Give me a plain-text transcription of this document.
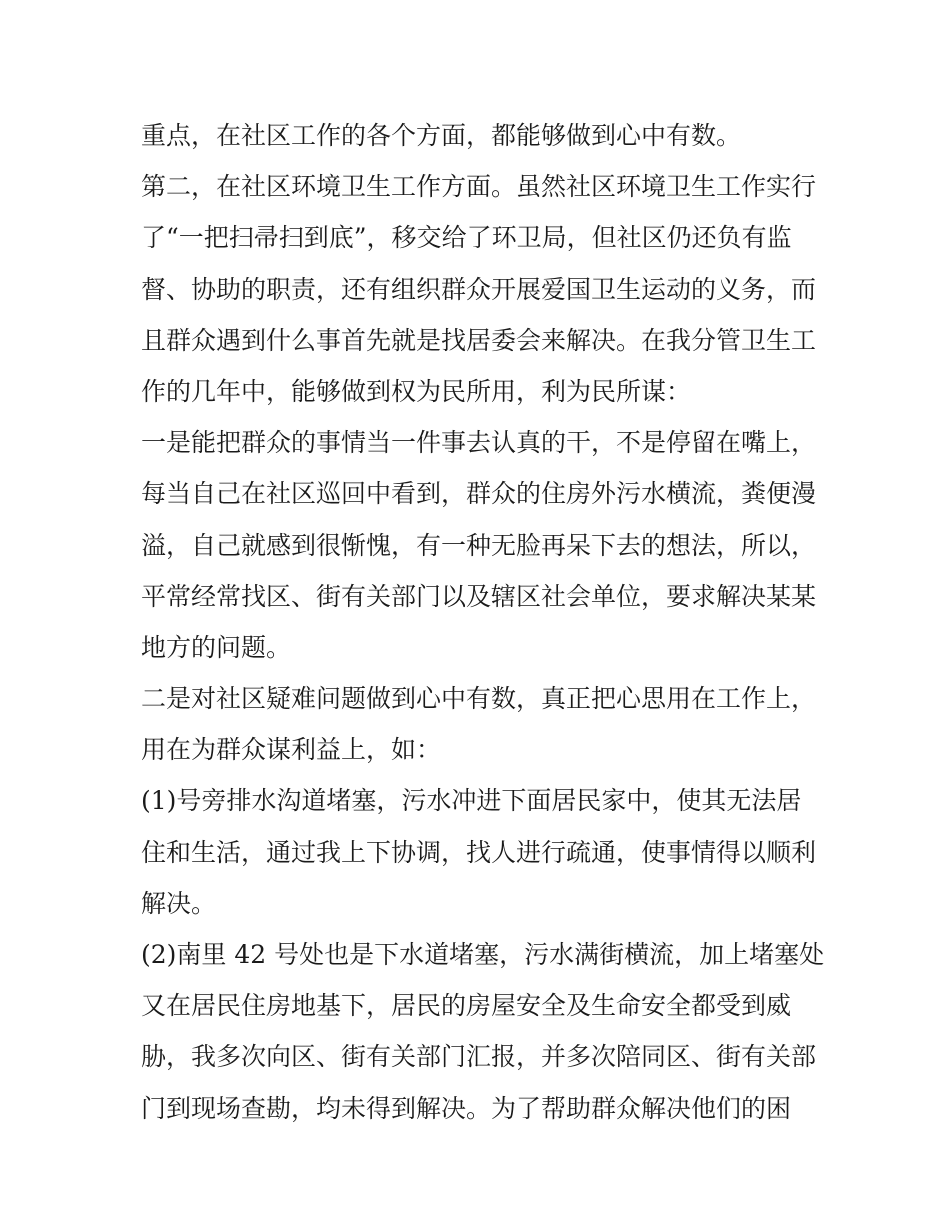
重点，在社区工作的各个方面，都能够做到心中有数。
第二，在社区环境卫生工作方面。虽然社区环境卫生工作实行
了“一把扫帚扫到底”，移交给了环卫局，但社区仍还负有监
督、协助的职责，还有组织群众开展爱国卫生运动的义务，而
且群众遇到什么事首先就是找居委会来解决。在我分管卫生工
作的几年中，能够做到权为民所用，利为民所谋：
一是能把群众的事情当一件事去认真的干，不是停留在嘴上，
每当自己在社区巡回中看到，群众的住房外污水横流，粪便漫
溢，自己就感到很惭愧，有一种无脸再呆下去的想法，所以，
平常经常找区、街有关部门以及辖区社会单位，要求解决某某
地方的问题。
二是对社区疑难问题做到心中有数，真正把心思用在工作上，
用在为群众谋利益上，如：
(1)号旁排水沟道堵塞，污水冲进下面居民家中，使其无法居
住和生活，通过我上下协调，找人进行疏通，使事情得以顺利
解决。
(2)南里 42 号处也是下水道堵塞，污水满街横流，加上堵塞处
又在居民住房地基下，居民的房屋安全及生命安全都受到威
胁，我多次向区、街有关部门汇报，并多次陪同区、街有关部
门到现场查勘，均未得到解决。为了帮助群众解决他们的困
